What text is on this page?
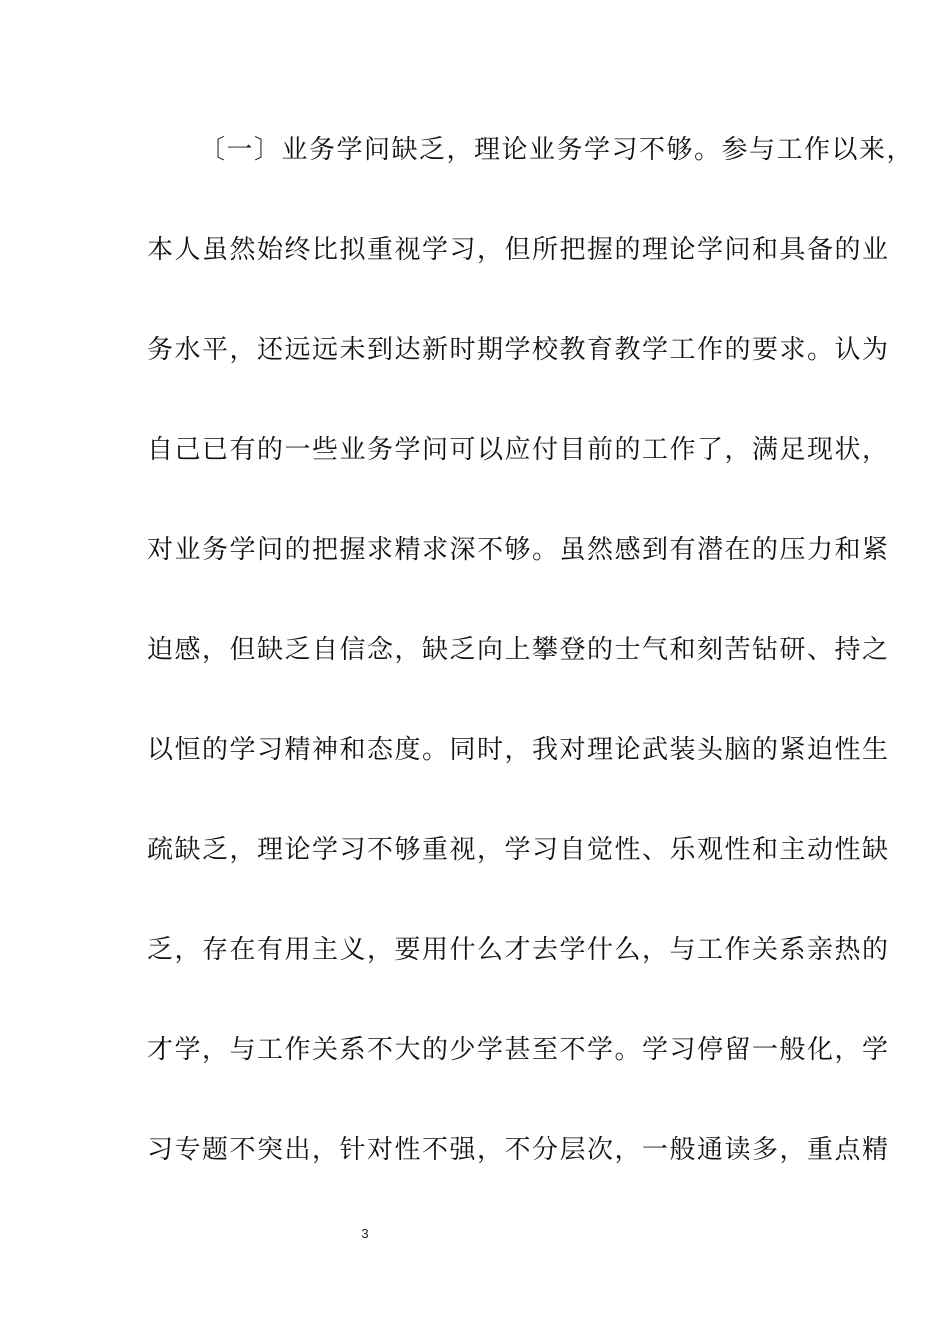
〔一〕业务学问缺乏，理论业务学习不够。参与工作以来，
本人虽然始终比拟重视学习，但所把握的理论学问和具备的业
务水平，还远远未到达新时期学校教育教学工作的要求。认为
自己已有的一些业务学问可以应付目前的工作了，满足现状，
对业务学问的把握求精求深不够。虽然感到有潜在的压力和紧
迫感，但缺乏自信念，缺乏向上攀登的士气和刻苦钻研、持之
以恒的学习精神和态度。同时，我对理论武装头脑的紧迫性生
疏缺乏，理论学习不够重视，学习自觉性、乐观性和主动性缺
乏，存在有用主义，要用什么才去学什么，与工作关系亲热的
才学，与工作关系不大的少学甚至不学。学习停留一般化，学
习专题不突出，针对性不强，不分层次，一般通读多，重点精
3
